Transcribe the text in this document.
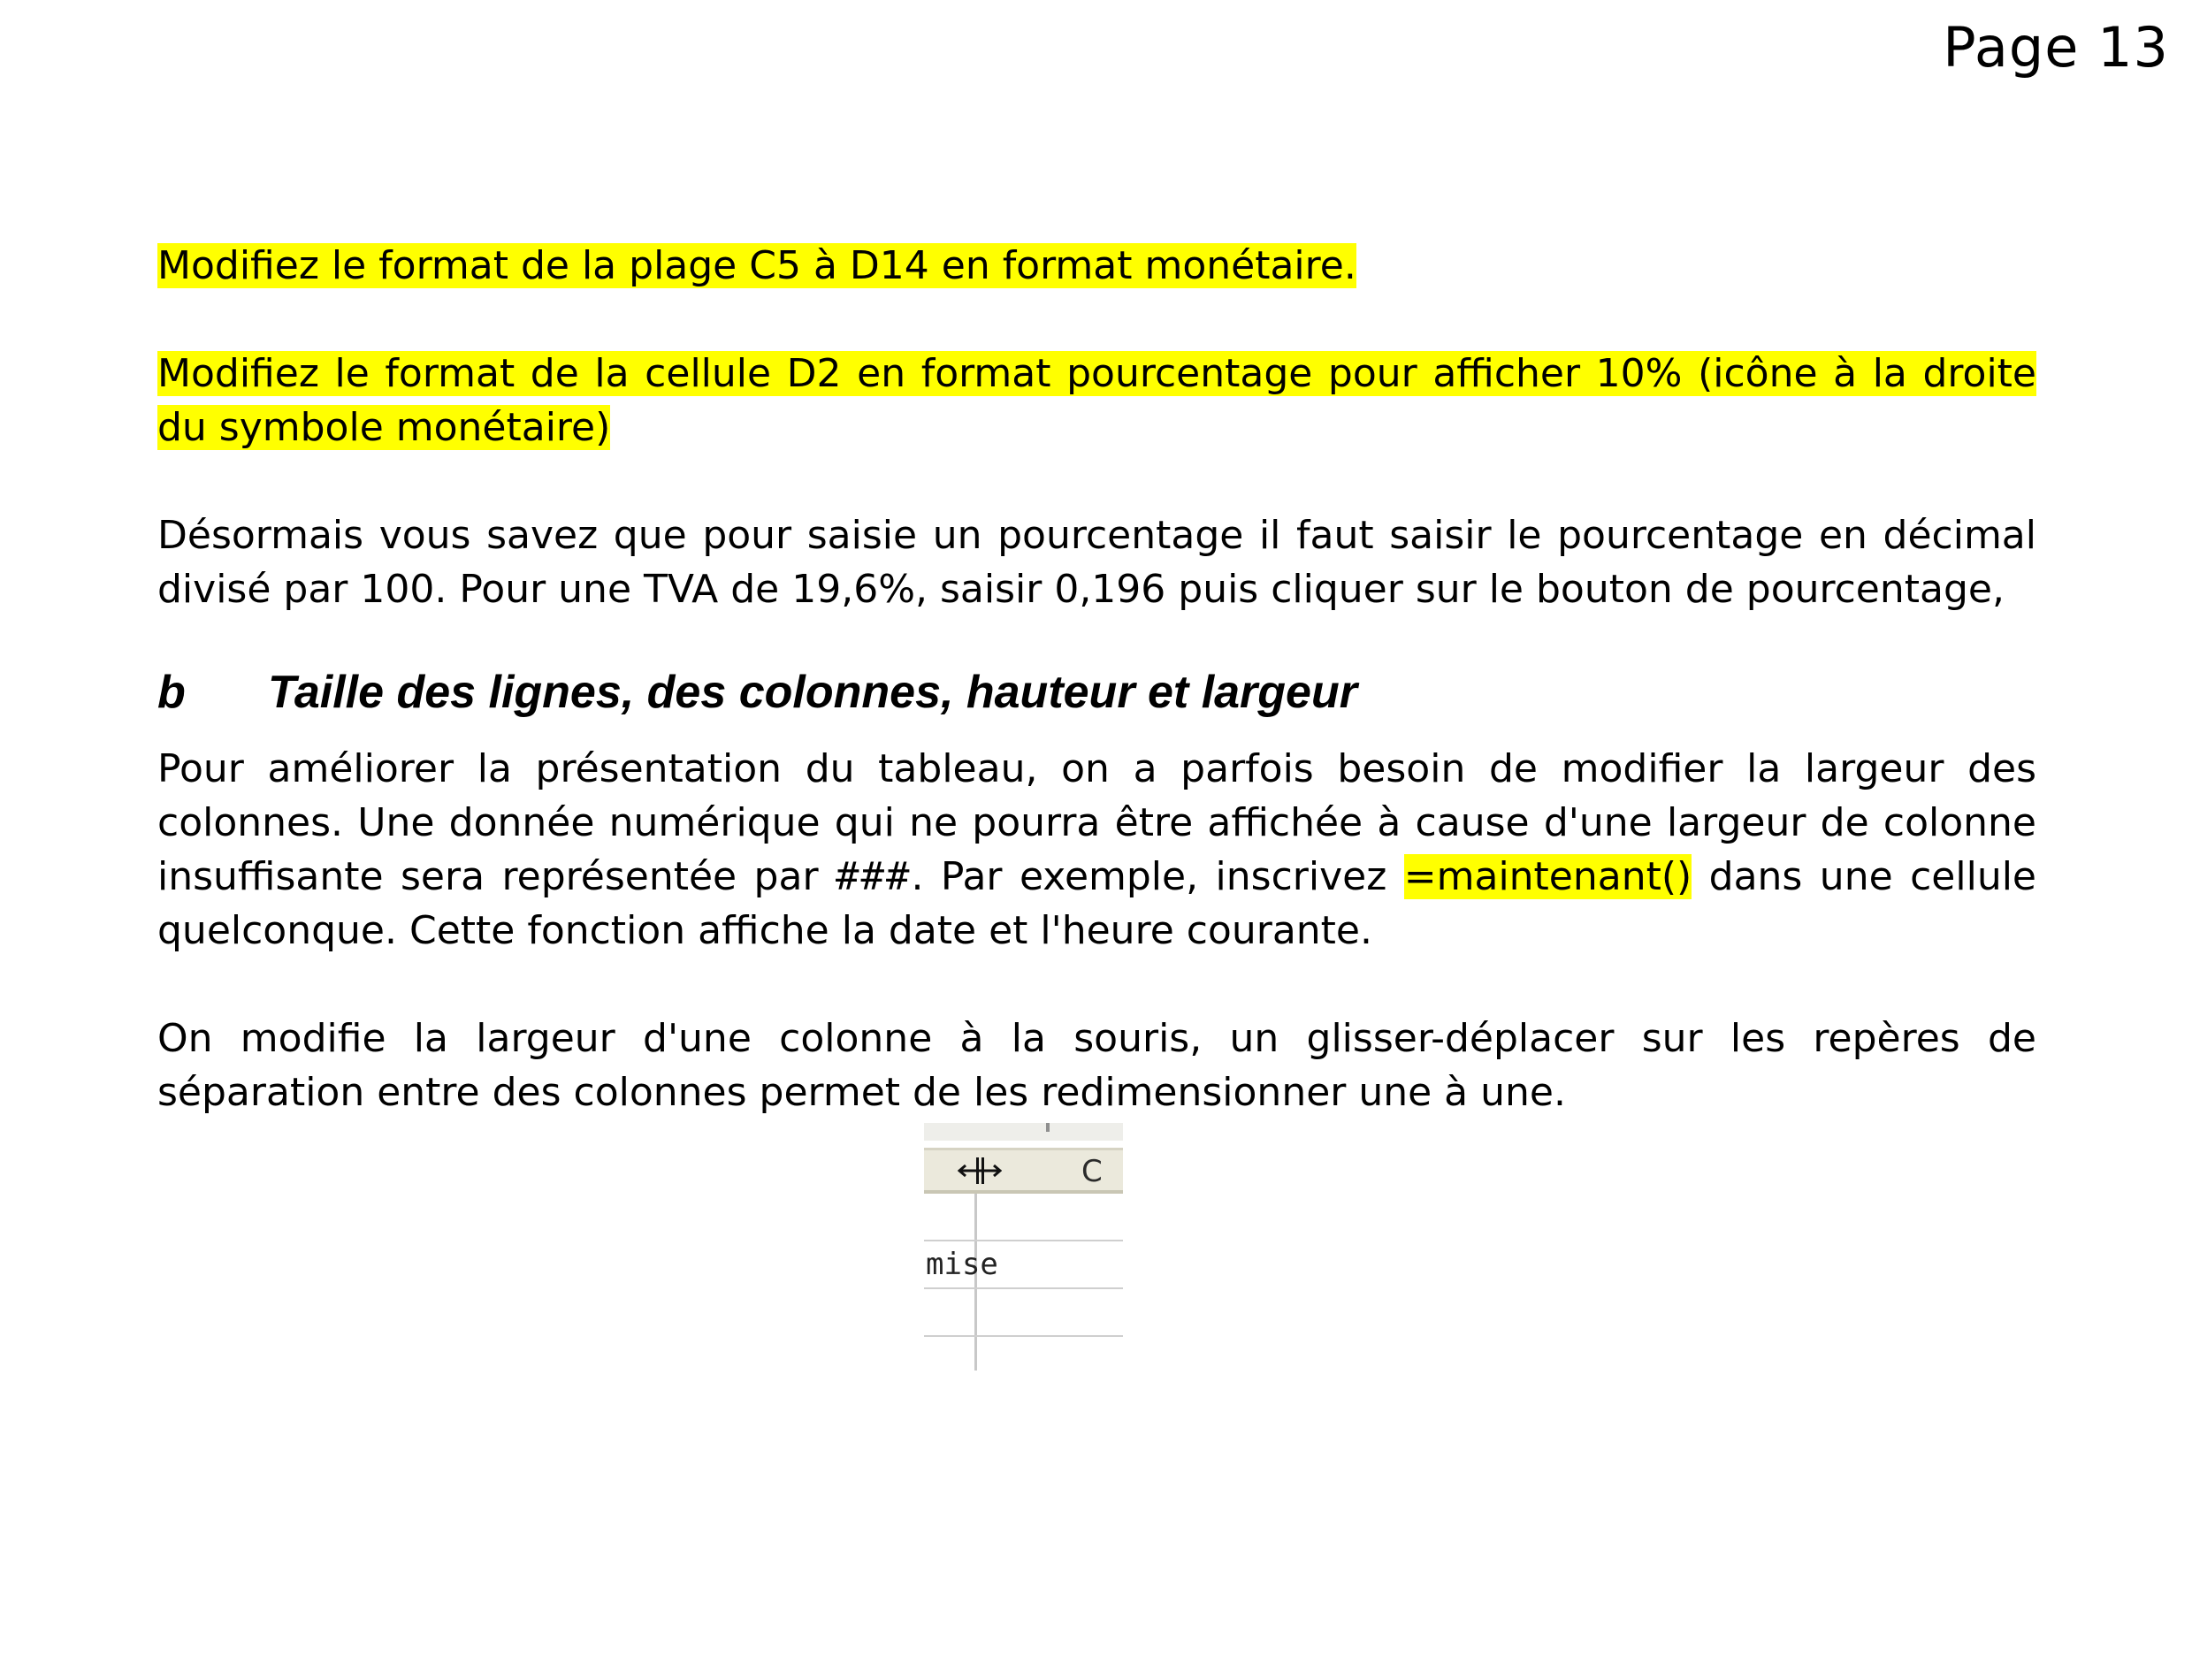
Page 13

Modifiez le format de la plage C5 à D14 en format monétaire.

Modifiez le format de la cellule D2 en format pourcentage pour afficher 10% (icône à la droite du symbole monétaire)

Désormais vous savez que pour saisie un pourcentage il faut saisir le pourcentage en décimal divisé par 100. Pour une TVA de 19,6%, saisir 0,196 puis cliquer sur le bouton de pourcentage,

b	Taille des lignes, des colonnes, hauteur et largeur

Pour améliorer la présentation du tableau, on a parfois besoin de modifier la largeur des colonnes. Une donnée numérique qui ne pourra être affichée à cause d'une largeur de colonne insuffisante sera représentée par ###. Par exemple, inscrivez =maintenant() dans une cellule quelconque. Cette fonction affiche la date et l'heure courante.

On modifie la largeur d'une colonne à la souris, un glisser-déplacer sur les repères de séparation entre des colonnes permet de les redimensionner une à une.

C
mise
